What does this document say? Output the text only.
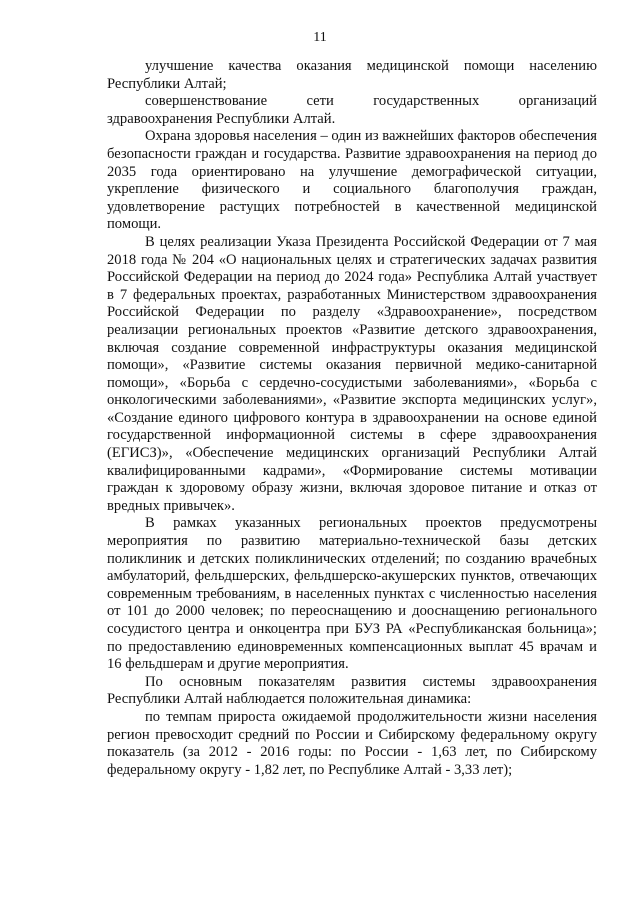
11

улучшение качества оказания медицинской помощи населению Республики Алтай;

совершенствование сети государственных организаций здравоохранения Республики Алтай.

Охрана здоровья населения – один из важнейших факторов обеспечения безопасности граждан и государства. Развитие здравоохранения на период до 2035 года ориентировано на улучшение демографической ситуации, укрепление физического и социального благополучия граждан, удовлетворение растущих потребностей в качественной медицинской помощи.

В целях реализации Указа Президента Российской Федерации от 7 мая 2018 года № 204 «О национальных целях и стратегических задачах развития Российской Федерации на период до 2024 года» Республика Алтай участвует в 7 федеральных проектах, разработанных Министерством здравоохранения Российской Федерации по разделу «Здравоохранение», посредством реализации региональных проектов «Развитие детского здравоохранения, включая создание современной инфраструктуры оказания медицинской помощи», «Развитие системы оказания первичной медико-санитарной помощи», «Борьба с сердечно-сосудистыми заболеваниями», «Борьба с онкологическими заболеваниями», «Развитие экспорта медицинских услуг», «Создание единого цифрового контура в здравоохранении на основе единой государственной информационной системы в сфере здравоохранения (ЕГИСЗ)», «Обеспечение медицинских организаций Республики Алтай квалифицированными кадрами», «Формирование системы мотивации граждан к здоровому образу жизни, включая здоровое питание и отказ от вредных привычек».

В рамках указанных региональных проектов предусмотрены мероприятия по развитию материально-технической базы детских поликлиник и детских поликлинических отделений; по созданию врачебных амбулаторий, фельдшерских, фельдшерско-акушерских пунктов, отвечающих современным требованиям, в населенных пунктах с численностью населения от 101 до 2000 человек; по переоснащению и дооснащению регионального сосудистого центра и онкоцентра при БУЗ РА «Республиканская больница»; по предоставлению единовременных компенсационных выплат 45 врачам и 16 фельдшерам и другие мероприятия.

По основным показателям развития системы здравоохранения Республики Алтай наблюдается положительная динамика:

по темпам прироста ожидаемой продолжительности жизни населения регион превосходит средний по России и Сибирскому федеральному округу показатель (за 2012 - 2016 годы: по России - 1,63 лет, по Сибирскому федеральному округу - 1,82 лет, по Республике Алтай - 3,33 лет);
